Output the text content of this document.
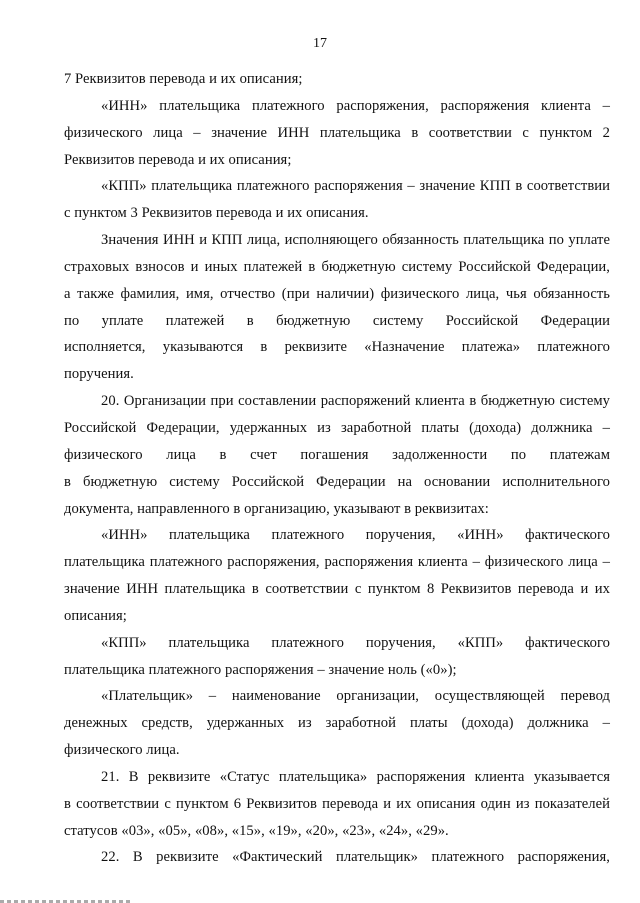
17
7 Реквизитов перевода и их описания;
«ИНН» плательщика платежного распоряжения, распоряжения клиента –
физического лица – значение ИНН плательщика в соответствии с пунктом 2
Реквизитов перевода и их описания;
«КПП» плательщика платежного распоряжения – значение КПП в соответствии
с пунктом 3 Реквизитов перевода и их описания.
Значения ИНН и КПП лица, исполняющего обязанность плательщика по уплате
страховых взносов и иных платежей в бюджетную систему Российской Федерации,
а также фамилия, имя, отчество (при наличии) физического лица, чья обязанность
по уплате платежей в бюджетную систему Российской Федерации
исполняется, указываются в реквизите «Назначение платежа» платежного
поручения.
20. Организации при составлении распоряжений клиента в бюджетную систему
Российской Федерации, удержанных из заработной платы (дохода) должника –
физического лица в счет погашения задолженности по платежам
в бюджетную систему Российской Федерации на основании исполнительного
документа, направленного в организацию, указывают в реквизитах:
«ИНН» плательщика платежного поручения, «ИНН» фактического
плательщика платежного распоряжения, распоряжения клиента – физического лица –
значение ИНН плательщика в соответствии с пунктом 8 Реквизитов перевода и их
описания;
«КПП» плательщика платежного поручения, «КПП» фактического
плательщика платежного распоряжения – значение ноль («0»);
«Плательщик» – наименование организации, осуществляющей перевод
денежных средств, удержанных из заработной платы (дохода) должника –
физического лица.
21. В реквизите «Статус плательщика» распоряжения клиента указывается
в соответствии с пунктом 6 Реквизитов перевода и их описания один из показателей
статусов «03», «05», «08», «15», «19», «20», «23», «24», «29».
22. В реквизите «Фактический плательщик» платежного распоряжения,
